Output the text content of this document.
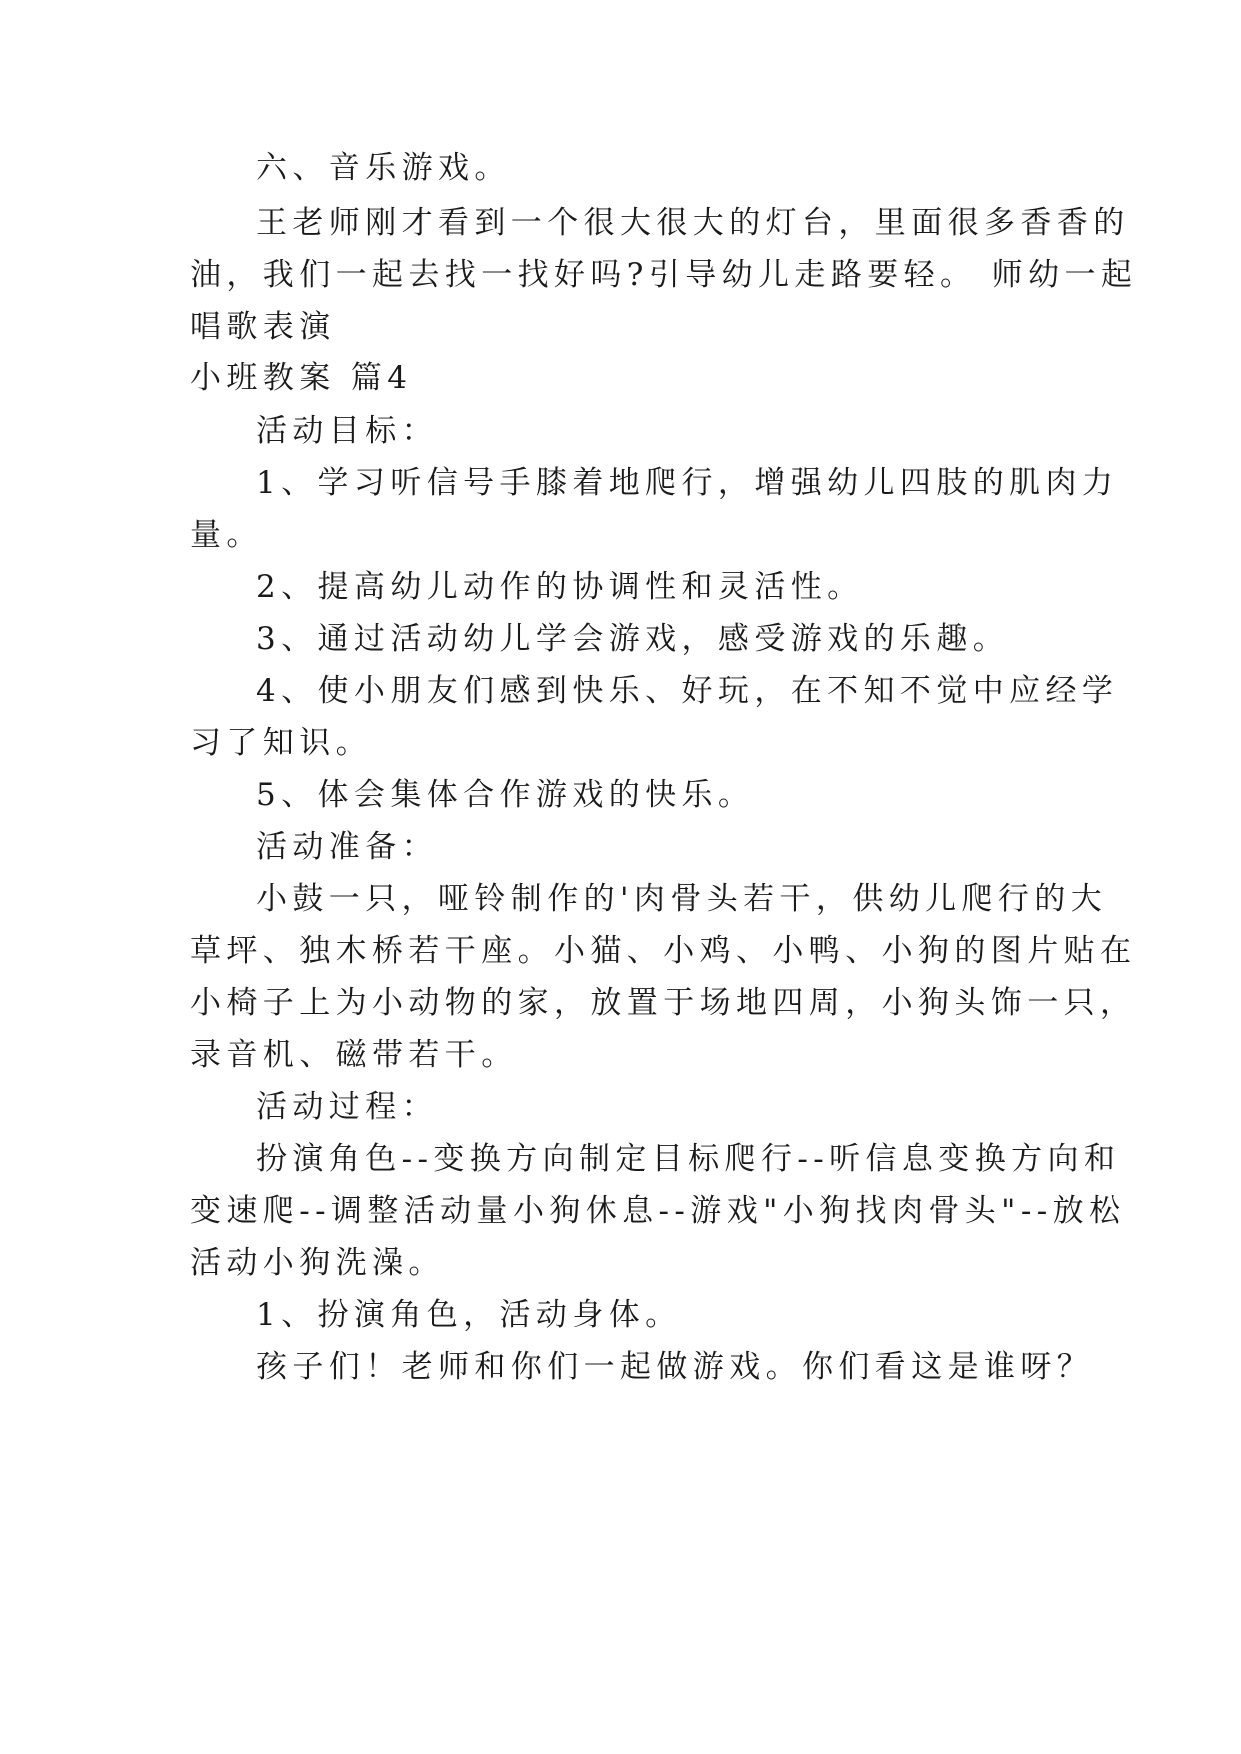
六、音乐游戏。
王老师刚才看到一个很大很大的灯台，里面很多香香的
油，我们一起去找一找好吗?引导幼儿走路要轻。 师幼一起
唱歌表演
小班教案 篇4
活动目标：
1、学习听信号手膝着地爬行，增强幼儿四肢的肌肉力
量。
2、提高幼儿动作的协调性和灵活性。
3、通过活动幼儿学会游戏，感受游戏的乐趣。
4、使小朋友们感到快乐、好玩，在不知不觉中应经学
习了知识。
5、体会集体合作游戏的快乐。
活动准备：
小鼓一只，哑铃制作的'肉骨头若干，供幼儿爬行的大
草坪、独木桥若干座。小猫、小鸡、小鸭、小狗的图片贴在
小椅子上为小动物的家，放置于场地四周，小狗头饰一只，
录音机、磁带若干。
活动过程：
扮演角色--变换方向制定目标爬行--听信息变换方向和
变速爬--调整活动量小狗休息--游戏"小狗找肉骨头"--放松
活动小狗洗澡。
1、扮演角色，活动身体。
孩子们！老师和你们一起做游戏。你们看这是谁呀？
